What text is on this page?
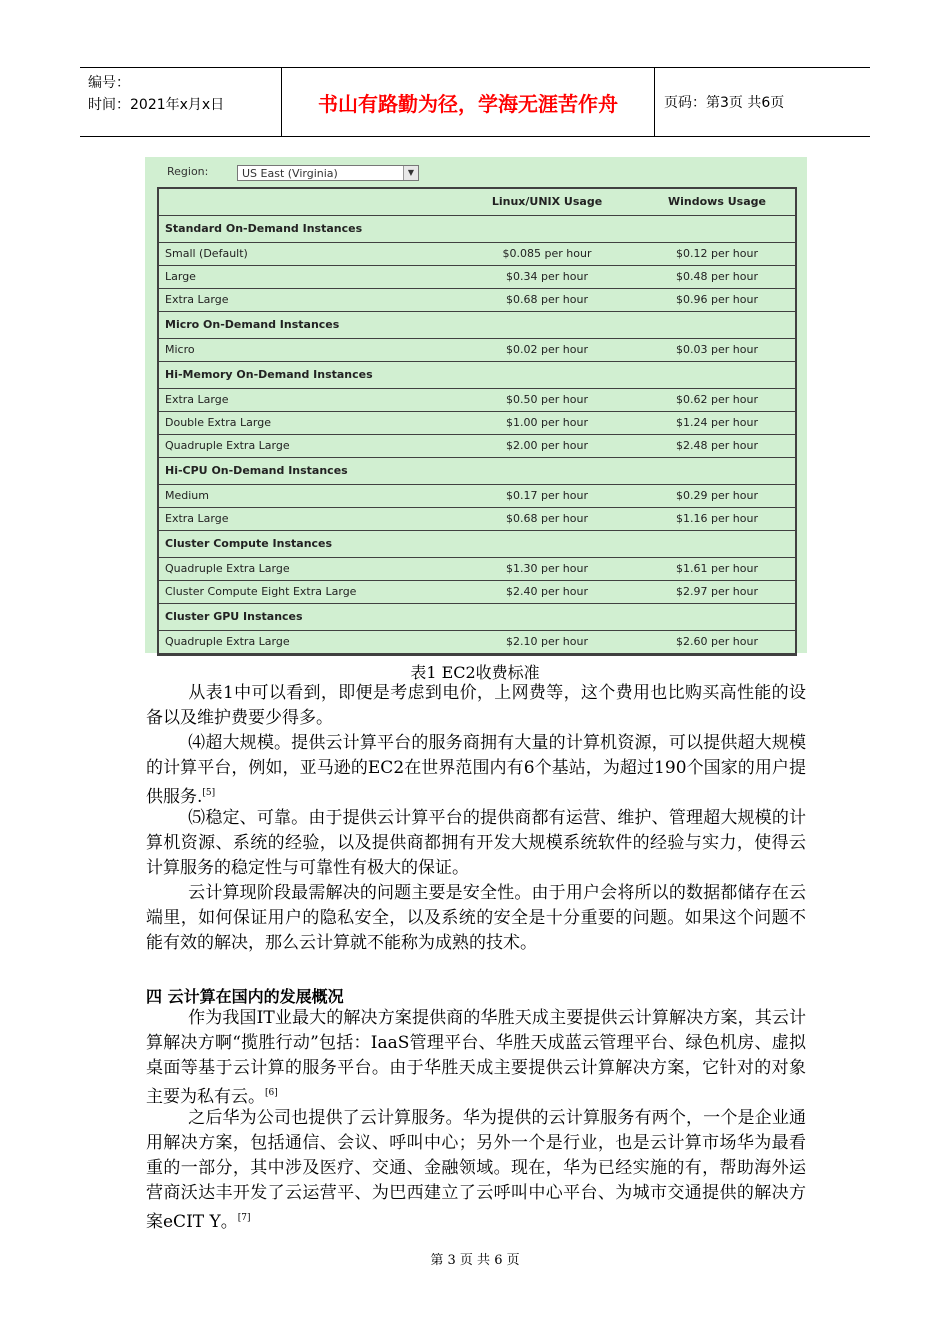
编号：
时间：2021年x月x日	书山有路勤为径，学海无涯苦作舟	页码：第3页 共6页
Region:	US East (Virginia)	▼
Linux/UNIX Usage	Windows Usage
Standard On-Demand Instances
Small (Default)	$0.085 per hour	$0.12 per hour
Large	$0.34 per hour	$0.48 per hour
Extra Large	$0.68 per hour	$0.96 per hour
Micro On-Demand Instances
Micro	$0.02 per hour	$0.03 per hour
Hi-Memory On-Demand Instances
Extra Large	$0.50 per hour	$0.62 per hour
Double Extra Large	$1.00 per hour	$1.24 per hour
Quadruple Extra Large	$2.00 per hour	$2.48 per hour
Hi-CPU On-Demand Instances
Medium	$0.17 per hour	$0.29 per hour
Extra Large	$0.68 per hour	$1.16 per hour
Cluster Compute Instances
Quadruple Extra Large	$1.30 per hour	$1.61 per hour
Cluster Compute Eight Extra Large	$2.40 per hour	$2.97 per hour
Cluster GPU Instances
Quadruple Extra Large	$2.10 per hour	$2.60 per hour
表1 EC2收费标准
从表1中可以看到，即便是考虑到电价，上网费等，这个费用也比购买高性能的设备以及维护费要少得多。
⑷超大规模。提供云计算平台的服务商拥有大量的计算机资源，可以提供超大规模的计算平台，例如，亚马逊的EC2在世界范围内有6个基站，为超过190个国家的用户提供服务.[5]
⑸稳定、可靠。由于提供云计算平台的提供商都有运营、维护、管理超大规模的计算机资源、系统的经验，以及提供商都拥有开发大规模系统软件的经验与实力，使得云计算服务的稳定性与可靠性有极大的保证。
云计算现阶段最需解决的问题主要是安全性。由于用户会将所以的数据都储存在云端里，如何保证用户的隐私安全，以及系统的安全是十分重要的问题。如果这个问题不能有效的解决，那么云计算就不能称为成熟的技术。
四 云计算在国内的发展概况
作为我国IT业最大的解决方案提供商的华胜天成主要提供云计算解决方案，其云计算解决方啊“揽胜行动”包括：IaaS管理平台、华胜天成蓝云管理平台、绿色机房、虚拟桌面等基于云计算的服务平台。由于华胜天成主要提供云计算解决方案，它针对的对象主要为私有云。[6]
之后华为公司也提供了云计算服务。华为提供的云计算服务有两个，一个是企业通用解决方案，包括通信、会议、呼叫中心；另外一个是行业，也是云计算市场华为最看重的一部分，其中涉及医疗、交通、金融领域。现在，华为已经实施的有，帮助海外运营商沃达丰开发了云运营平、为巴西建立了云呼叫中心平台、为城市交通提供的解决方案eCIT Y。[7]
第 3 页 共 6 页
